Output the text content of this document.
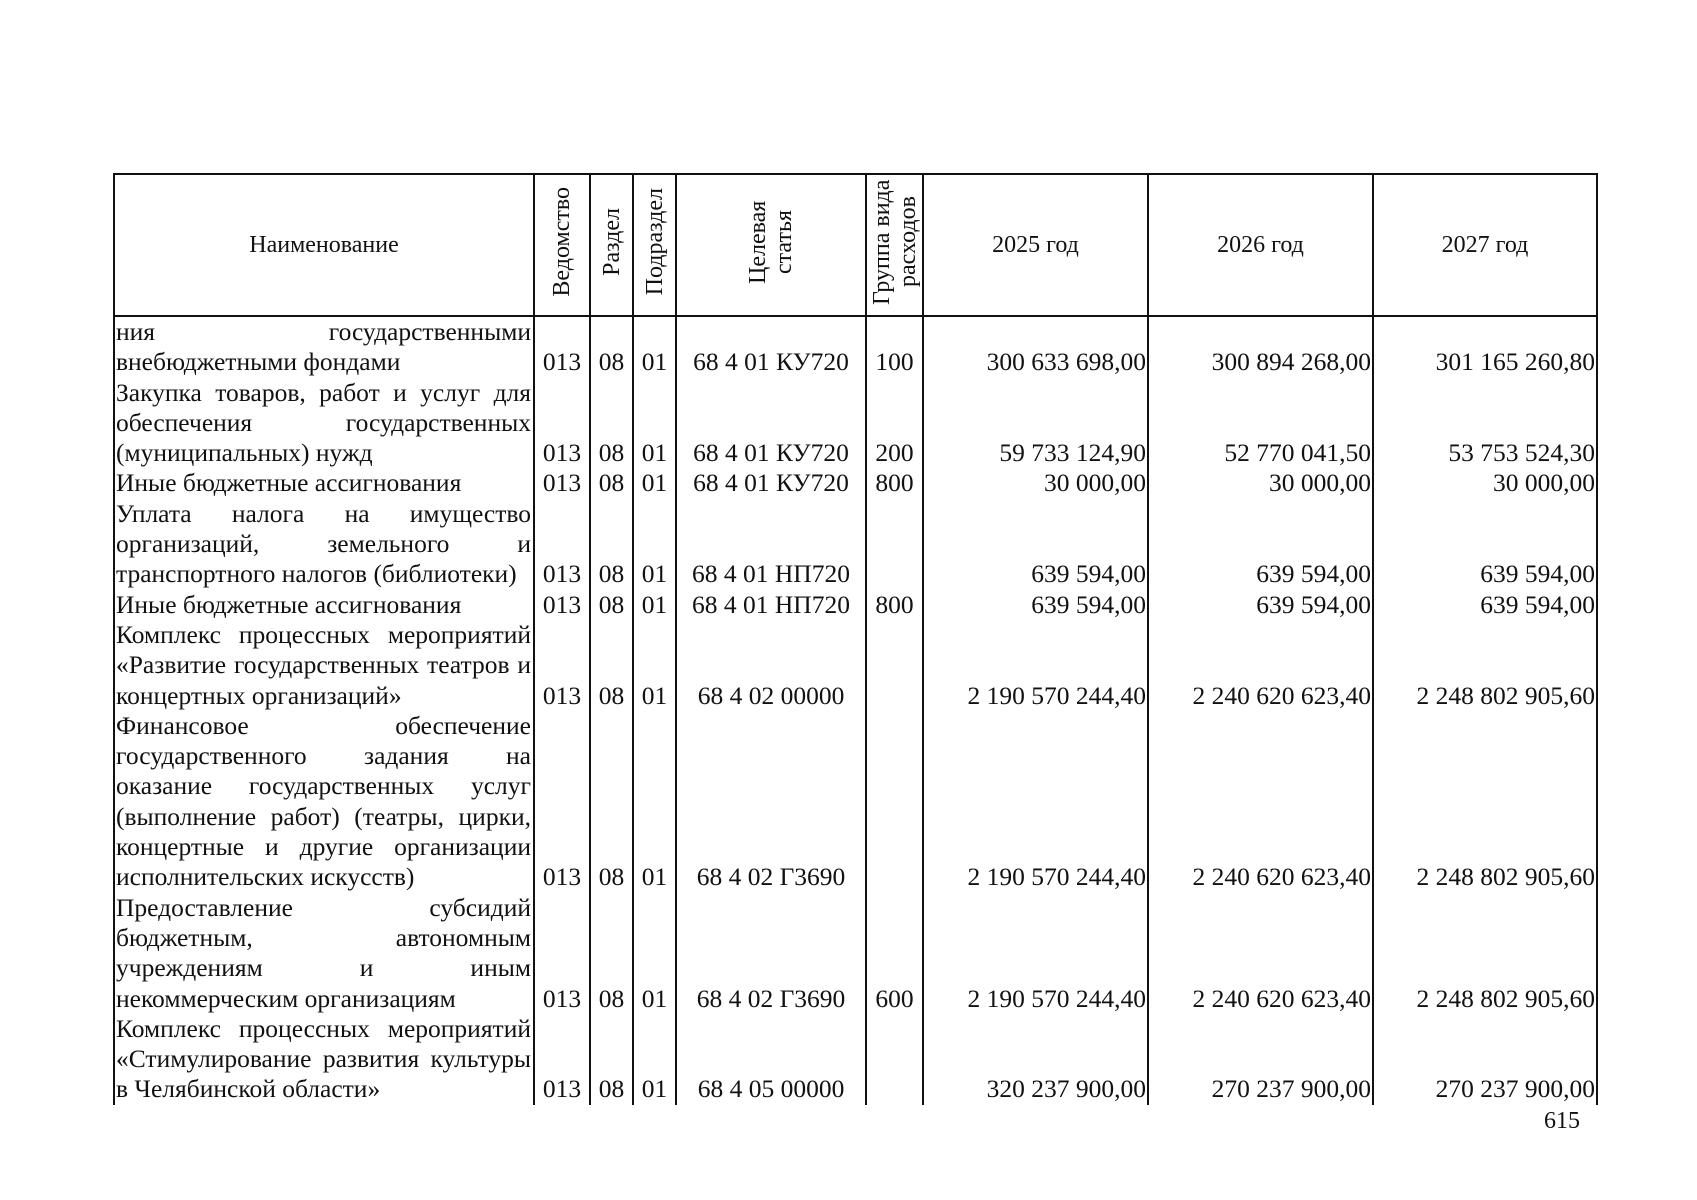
Наименование	Ведомство	Раздел	Подраздел	Целевая статья	Группа вида расходов	2025 год	2026 год	2027 год
ния государственными внебюджетными фондами	013	08	01	68 4 01 КУ720	100	300 633 698,00	300 894 268,00	301 165 260,80
Закупка товаров, работ и услуг для обеспечения государственных (муниципальных) нужд	013	08	01	68 4 01 КУ720	200	59 733 124,90	52 770 041,50	53 753 524,30
Иные бюджетные ассигнования	013	08	01	68 4 01 КУ720	800	30 000,00	30 000,00	30 000,00
Уплата налога на имущество организаций, земельного и транспортного налогов (библиотеки)	013	08	01	68 4 01 НП720		639 594,00	639 594,00	639 594,00
Иные бюджетные ассигнования	013	08	01	68 4 01 НП720	800	639 594,00	639 594,00	639 594,00
Комплекс процессных мероприятий «Развитие государственных театров и концертных организаций»	013	08	01	68 4 02 00000		2 190 570 244,40	2 240 620 623,40	2 248 802 905,60
Финансовое обеспечение государственного задания на оказание государственных услуг (выполнение работ) (театры, цирки, концертные и другие организации исполнительских искусств)	013	08	01	68 4 02 Г3690		2 190 570 244,40	2 240 620 623,40	2 248 802 905,60
Предоставление субсидий бюджетным, автономным учреждениям и иным некоммерческим организациям	013	08	01	68 4 02 Г3690	600	2 190 570 244,40	2 240 620 623,40	2 248 802 905,60
Комплекс процессных мероприятий «Стимулирование развития культуры в Челябинской области»	013	08	01	68 4 05 00000		320 237 900,00	270 237 900,00	270 237 900,00
615
